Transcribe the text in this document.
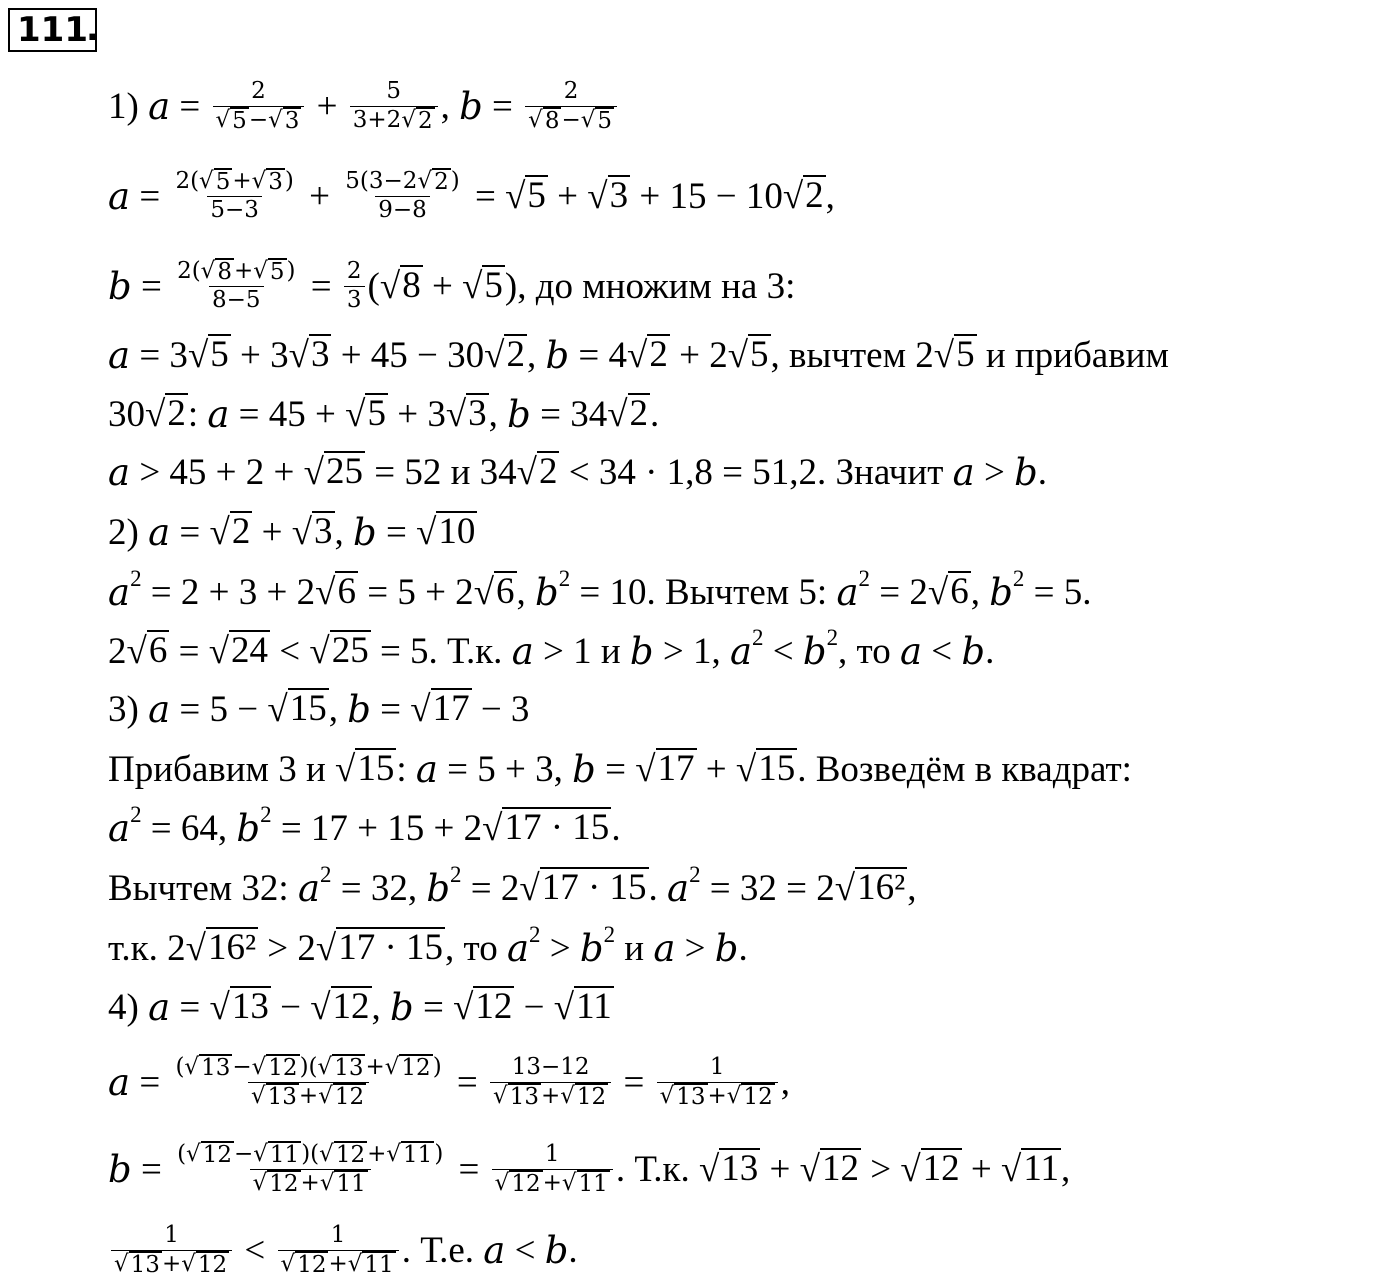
111
.
1) $a = \frac{2}{√ 5 - √ 3} + \frac{5}{3+2 √ 2}$ , $b = \frac{2}{√ 8 - √ 5}$
$a = \frac{2( √ 5 + √ 3 )}{5-3} + \frac{5(3-2 √ 2 )}{9-8}$ = √ 5 + √ 3 + 15 − 10 √ 2 ,
$b = \frac{2( √ 8 + √ 5 )}{8-5} = \frac{2}{3}$ ( √ 8 + √ 5 ), до множим на 3:
a = 3 √ 5 + 3 √ 3 + 45 − 30 √ 2 , b = 4 √ 2 + 2 √ 5 , вычтем 2 √ 5 и прибавим
30 √ 2 : a = 45 + √ 5 + 3 √ 3 , b = 34 √ 2 .
a > 45 + 2 + √ 25 = 52 и 34 √ 2 < 34 · 1,8 = 51,2. Значит a > b .
2) a = √ 2 + √ 3 , b = √ 10
a 2 = 2 + 3 + 2 √ 6 = 5 + 2 √ 6 , b 2 = 10. Вычтем 5: a 2 = 2 √ 6 , b 2 = 5.
2 √ 6 = √ 24 < √ 25 = 5. Т.к. a > 1 и b > 1, a 2 < b 2 , то a < b .
3) a = 5 − √ 15 , b = √ 17 − 3
Прибавим 3 и √ 15 : a = 5 + 3, b = √ 17 + √ 15 . Возведём в квадрат:
a 2 = 64, b 2 = 17 + 15 + 2 √ 17 · 15 .
Вычтем 32: a 2 = 32, b 2 = 2 √ 17 · 15 . a 2 = 32 = 2 √ 16² ,
т.к. 2 √ 16² > 2 √ 17 · 15 , то a 2 > b 2 и a > b .
4) a = √ 13 − √ 12 , b = √ 12 − √ 11
$a = \frac{( √ 13 - √ 12 )( √ 13 + √ 12 )}{√ 13 + √ 12} = \frac{13-12}{√ 13 + √ 12} = \frac{1}{√ 13 + √ 12}$ ,
$b = \frac{( √ 12 - √ 11 )( √ 12 + √ 11 )}{√ 12 + √ 11} = \frac{1}{√ 12 + √ 11}$ . Т.к. √ 13 + √ 12 > √ 12 + √ 11 ,
$\frac{1}{√ 13 + √ 12} < \frac{1}{√ 12 + √ 11}$ . Т.е. a < b .
